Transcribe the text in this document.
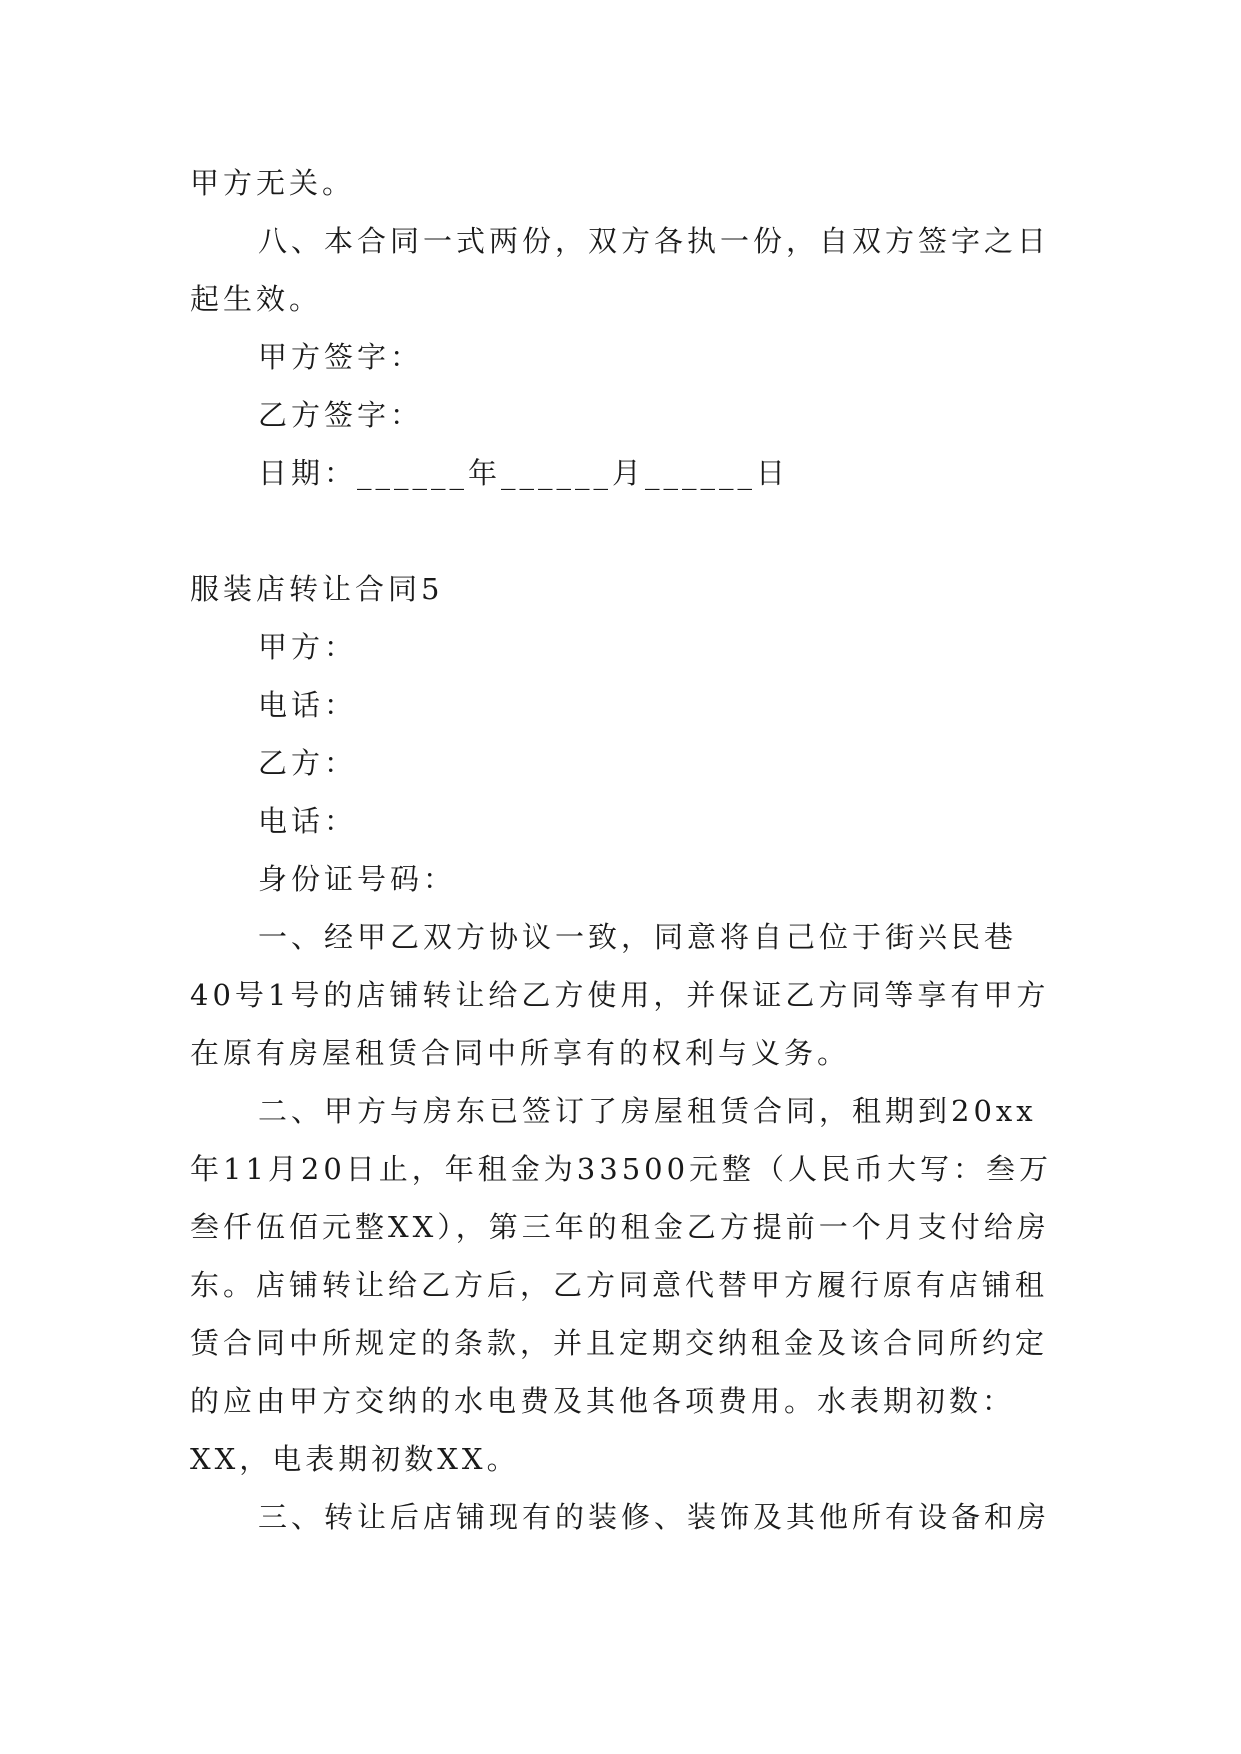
甲方无关。

八、本合同一式两份，双方各执一份，自双方签字之日起生效。

甲方签字：

乙方签字：

日期：______年______月______日

服装店转让合同5

甲方：

电话：

乙方：

电话：

身份证号码：

一、经甲乙双方协议一致，同意将自己位于街兴民巷40号1号的店铺转让给乙方使用，并保证乙方同等享有甲方在原有房屋租赁合同中所享有的权利与义务。

二、甲方与房东已签订了房屋租赁合同，租期到20xx年11月20日止，年租金为33500元整（人民币大写：叁万叁仟伍佰元整XX），第三年的租金乙方提前一个月支付给房东。店铺转让给乙方后，乙方同意代替甲方履行原有店铺租赁合同中所规定的条款，并且定期交纳租金及该合同所约定的应由甲方交纳的水电费及其他各项费用。水表期初数：XX，电表期初数XX。

三、转让后店铺现有的装修、装饰及其他所有设备和房
